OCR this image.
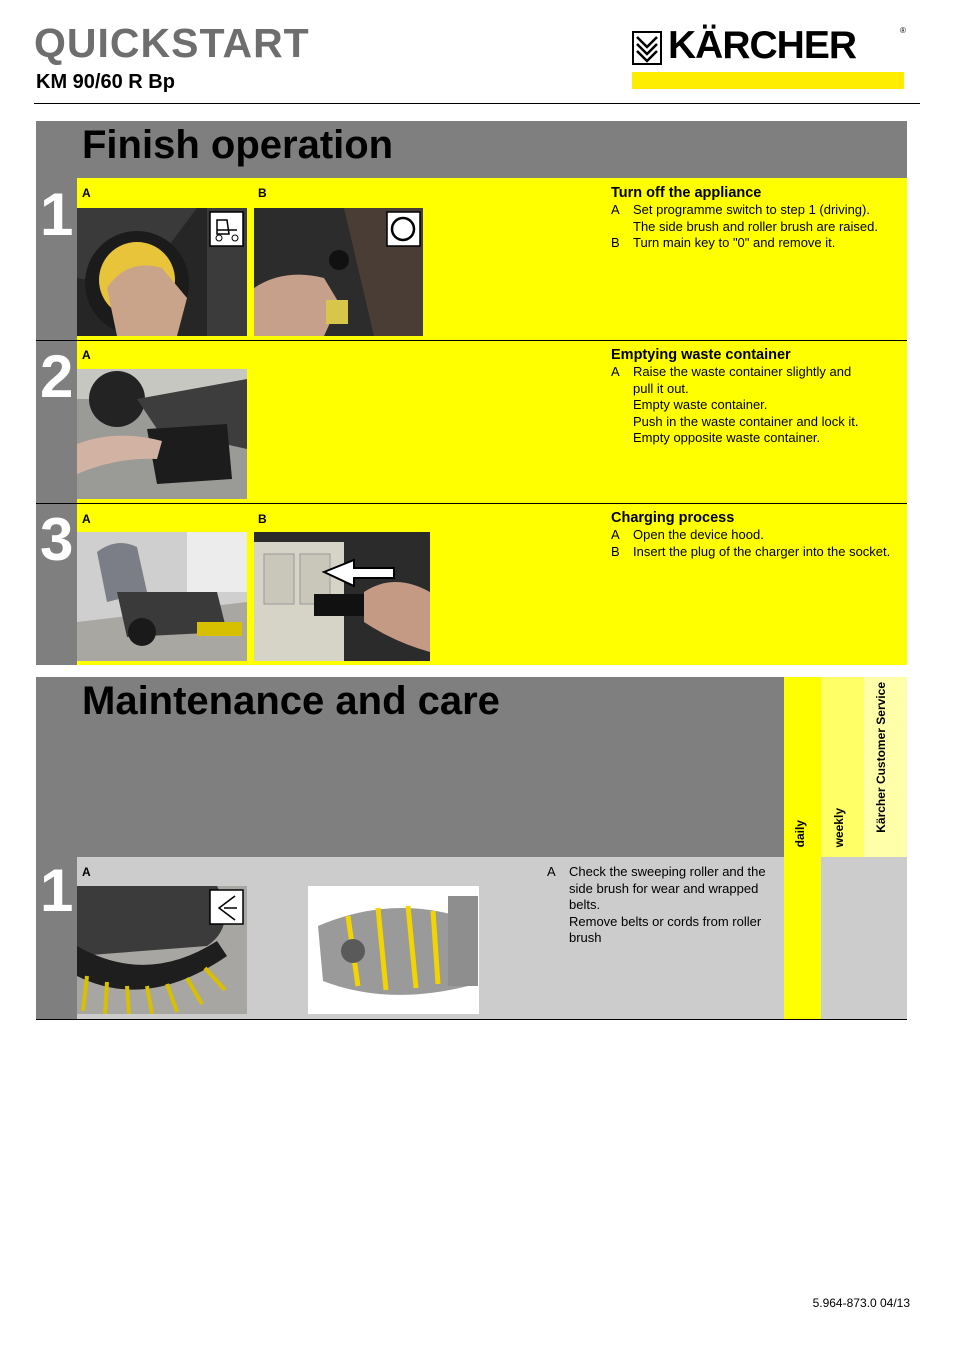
QUICKSTART
KM 90/60 R Bp
KÄRCHER	®
Finish operation
1 A	B	Turn off the appliance
A	Set programme switch to step 1 (driving).
The side brush and roller brush are raised.
B	Turn main key to "0" and remove it.
2 A	Emptying waste container
A	Raise the waste container slightly and
pull it out.
Empty waste container.
Push in the waste container and lock it.
Empty opposite waste container.
3 A	B	Charging process
A	Open the device hood.
B	Insert the plug of the charger into the socket.
Maintenance and care
daily weekly Kärcher Customer Service
1 A	A	Check the sweeping roller and the
side brush for wear and wrapped
belts.
Remove belts or cords from roller
brush
5.964-873.0 04/13
